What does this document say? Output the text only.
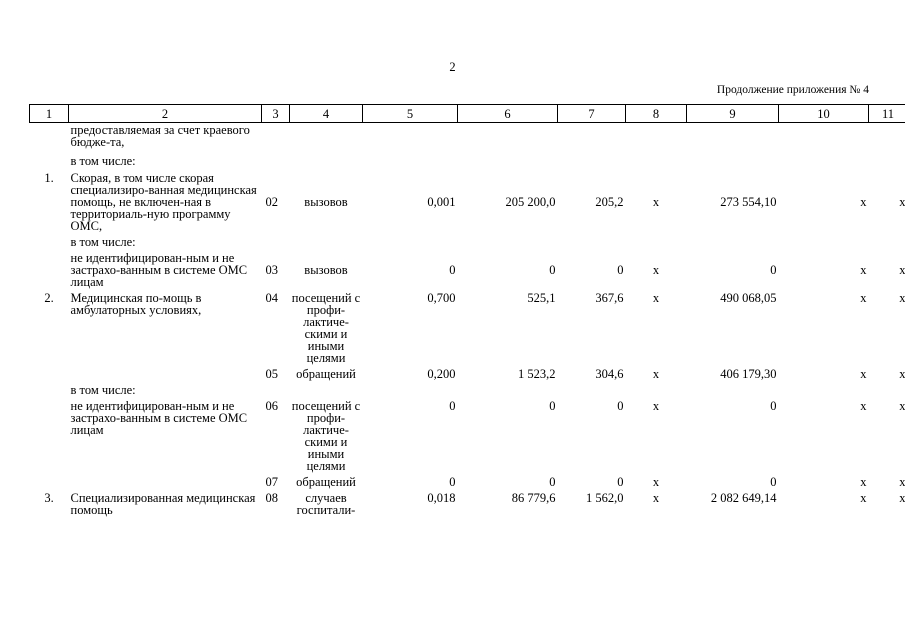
2
Продолжение приложения № 4
1	2	3	4	5	6	7	8	9	10	11
	предоставляемая за счет краевого бюдже-та,									
	в том числе:									
1.	Скорая, в том числе скорая специализиро-ванная медицинская помощь, не включен-ная в территориаль-ную программу ОМС,	02	вызовов	0,001	205 200,0	205,2	x	273 554,10	x	x
	в том числе:									
	не идентифицирован-ным и не застрахо-ванным в системе ОМС лицам	03	вызовов	0	0	0	x	0	x	x
2.	Медицинская по-мощь в амбулаторных условиях,	04	посещений с профи-лактиче-скими и иными целями	0,700	525,1	367,6	x	490 068,05	x	x
		05	обращений	0,200	1 523,2	304,6	x	406 179,30	x	x
	в том числе:									
	не идентифицирован-ным и не застрахо-ванным в системе ОМС лицам	06	посещений с профи-лактиче-скими и иными целями	0	0	0	x	0	x	x
		07	обращений	0	0	0	x	0	x	x
3.	Специализированная медицинская помощь	08	случаев госпитали-	0,018	86 779,6	1 562,0	x	2 082 649,14	x	x
